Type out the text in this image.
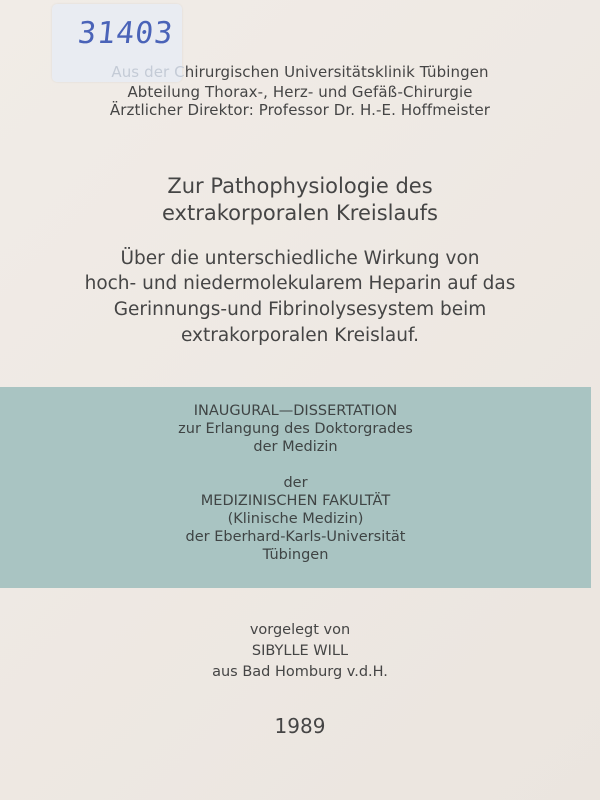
31403
Aus der Chirurgischen Universitätsklinik Tübingen
Abteilung Thorax-, Herz- und Gefäß-Chirurgie
Ärztlicher Direktor: Professor Dr. H.-E. Hoffmeister
Zur Pathophysiologie des
extrakorporalen Kreislaufs
Über die unterschiedliche Wirkung von
hoch- und niedermolekularem Heparin auf das
Gerinnungs-und Fibrinolysesystem beim
extrakorporalen Kreislauf.
INAUGURAL—DISSERTATION
zur Erlangung des Doktorgrades
der Medizin
der
MEDIZINISCHEN FAKULTÄT
(Klinische Medizin)
der Eberhard-Karls-Universität
Tübingen
vorgelegt von
SIBYLLE WILL
aus Bad Homburg v.d.H.
1989
